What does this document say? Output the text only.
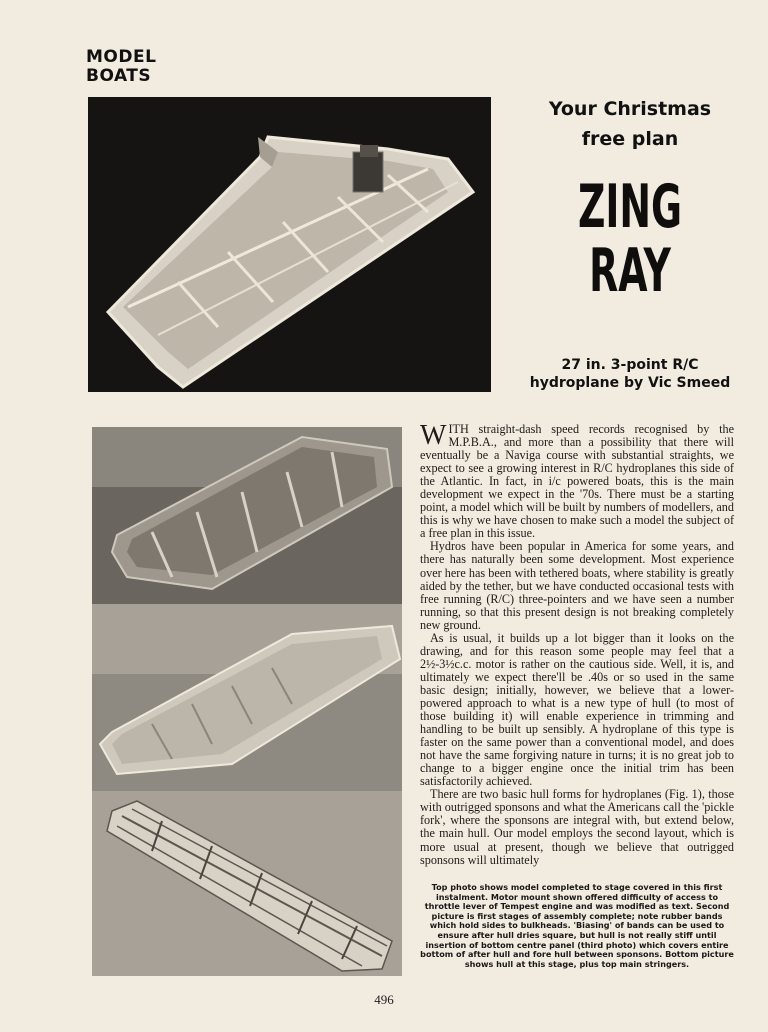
MODEL
BOATS
Your Christmas
free plan
ZING
RAY
27 in. 3-point R/C
hydroplane by Vic Smeed

WITH straight-dash speed records recognised by the M.P.B.A., and more than a possibility that there will eventually be a Naviga course with substantial straights, we expect to see a growing interest in R/C hydroplanes this side of the Atlantic. In fact, in i/c powered boats, this is the main development we expect in the '70s. There must be a starting point, a model which will be built by numbers of modellers, and this is why we have chosen to make such a model the subject of a free plan in this issue.

Hydros have been popular in America for some years, and there has naturally been some development. Most experience over here has been with tethered boats, where stability is greatly aided by the tether, but we have conducted occasional tests with free running (R/C) three-pointers and we have seen a number running, so that this present design is not breaking completely new ground.

As is usual, it builds up a lot bigger than it looks on the drawing, and for this reason some people may feel that a 2½-3½c.c. motor is rather on the cautious side. Well, it is, and ultimately we expect there'll be .40s or so used in the same basic design; initially, however, we believe that a lower-powered approach to what is a new type of hull (to most of those building it) will enable experience in trimming and handling to be built up sensibly. A hydroplane of this type is faster on the same power than a conventional model, and does not have the same forgiving nature in turns; it is no great job to change to a bigger engine once the initial trim has been satisfactorily achieved.

There are two basic hull forms for hydroplanes (Fig. 1), those with outrigged sponsons and what the Americans call the 'pickle fork', where the sponsons are integral with, but extend below, the main hull. Our model employs the second layout, which is more usual at present, though we believe that outrigged sponsons will ultimately

Top photo shows model completed to stage covered in this first instalment. Motor mount shown offered difficulty of access to throttle lever of Tempest engine and was modified as text. Second picture is first stages of assembly complete; note rubber bands which hold sides to bulkheads. 'Biasing' of bands can be used to ensure after hull dries square, but hull is not really stiff until insertion of bottom centre panel (third photo) which covers entire bottom of after hull and fore hull between sponsons. Bottom picture shows hull at this stage, plus top main stringers.
496
